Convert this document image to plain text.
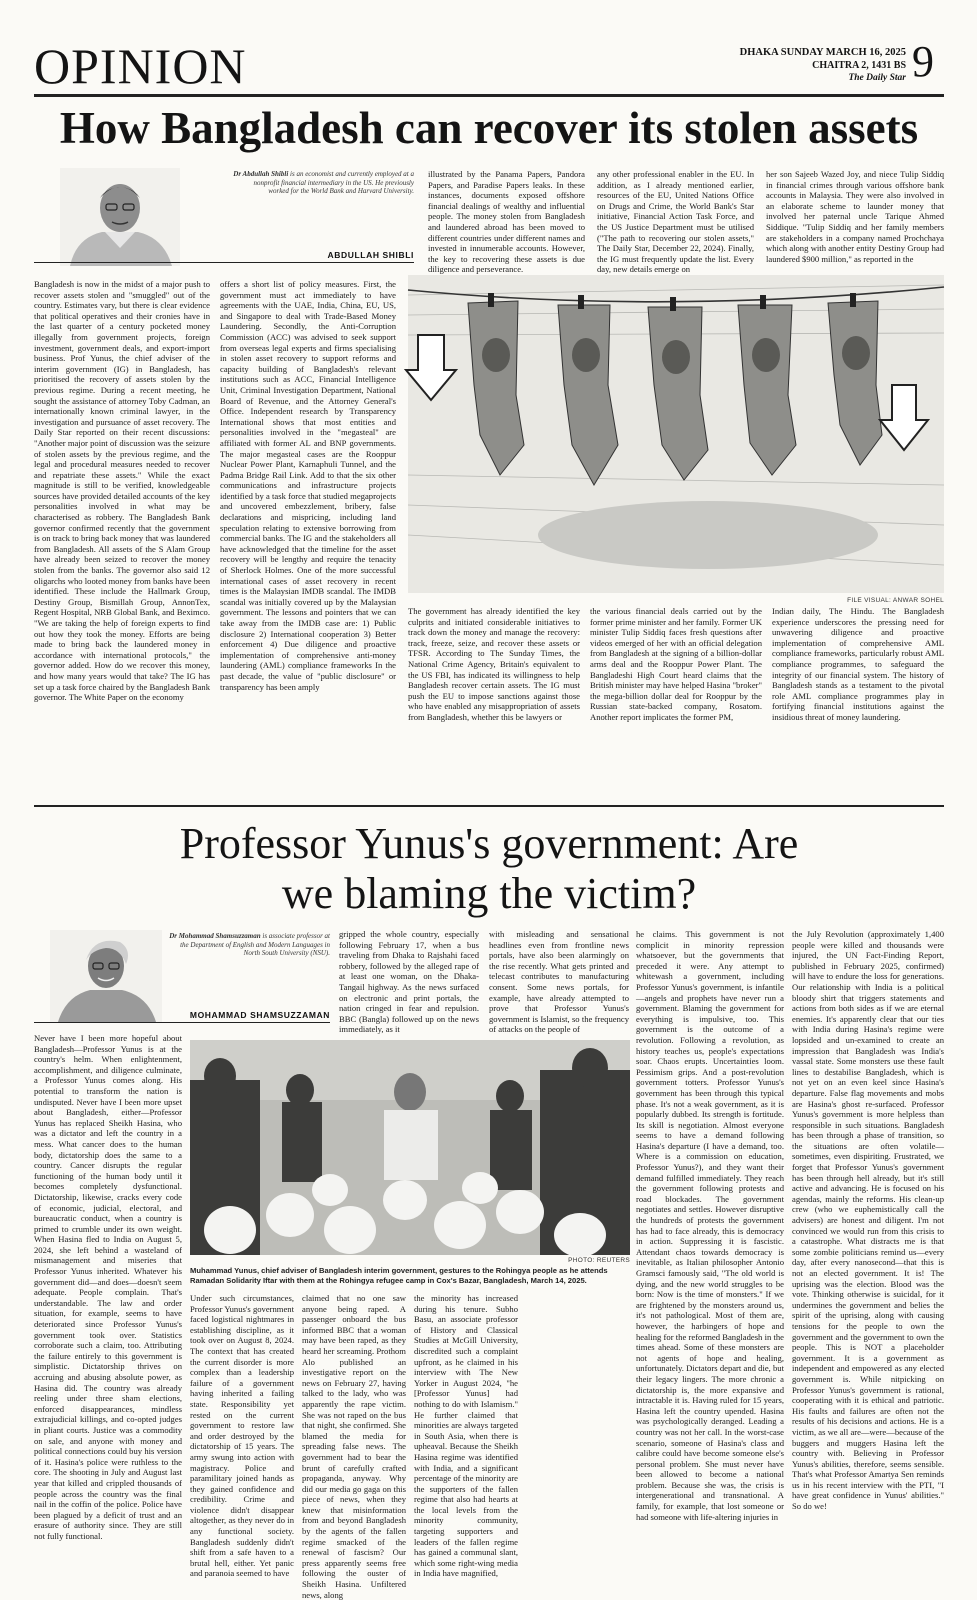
OPINION	DHAKA SUNDAY MARCH 16, 2025
CHAITRA 2, 1431 BS
The Daily Star 9
How Bangladesh can recover its stolen assets
Dr Abdullah Shibli is an economist and currently employed at a nonprofit financial intermediary in the US. He previously worked for the World Bank and Harvard University.
ABDULLAH SHIBLI

illustrated by the Panama Papers, Pandora Papers, and Paradise Papers leaks. In these instances, documents exposed offshore financial dealings of wealthy and influential people. The money stolen from Bangladesh and laundered abroad has been moved to different countries under different names and invested in innumerable accounts. However, the key to recovering these assets is due diligence and perseverance.

any other professional enabler in the EU. In addition, as I already mentioned earlier, resources of the EU, United Nations Office on Drugs and Crime, the World Bank's Star initiative, Financial Action Task Force, and the US Justice Department must be utilised ("The path to recovering our stolen assets," The Daily Star, December 22, 2024). Finally, the IG must frequently update the list. Every day, new details emerge on

her son Sajeeb Wazed Joy, and niece Tulip Siddiq in financial crimes through various offshore bank accounts in Malaysia. They were also involved in an elaborate scheme to launder money that involved her paternal uncle Tarique Ahmed Siddique. "Tulip Siddiq and her family members are stakeholders in a company named Prochchaya which along with another entity Destiny Group had laundered $900 million," as reported in the

Bangladesh is now in the midst of a major push to recover assets stolen and "smuggled" out of the country. Estimates vary, but there is clear evidence that political operatives and their cronies have in the last quarter of a century pocketed money illegally from government projects, foreign investment, government deals, and export-import business. Prof Yunus, the chief adviser of the interim government (IG) in Bangladesh, has prioritised the recovery of assets stolen by the previous regime. During a recent meeting, he sought the assistance of attorney Toby Cadman, an internationally known criminal lawyer, in the investigation and pursuance of asset recovery. The Daily Star reported on their recent discussions: "Another major point of discussion was the seizure of stolen assets by the previous regime, and the legal and procedural measures needed to recover and repatriate these assets." While the exact magnitude is still to be verified, knowledgeable sources have provided detailed accounts of the key personalities involved in what may be characterised as robbery. The Bangladesh Bank governor confirmed recently that the government is on track to bring back money that was laundered from Bangladesh. All assets of the S Alam Group have already been seized to recover the money stolen from the banks. The governor also said 12 oligarchs who looted money from banks have been identified. These include the Hallmark Group, Destiny Group, Bismillah Group, AnnonTex, Regent Hospital, NRB Global Bank, and Beximco. "We are taking the help of foreign experts to find out how they took the money. Efforts are being made to bring back the laundered money in accordance with international protocols," the governor added. How do we recover this money, and how many years would that take? The IG has set up a task force chaired by the Bangladesh Bank governor. The White Paper on the economy

offers a short list of policy measures. First, the government must act immediately to have agreements with the UAE, India, China, EU, US, and Singapore to deal with Trade-Based Money Laundering. Secondly, the Anti-Corruption Commission (ACC) was advised to seek support from overseas legal experts and firms specialising in stolen asset recovery to support reforms and capacity building of Bangladesh's relevant institutions such as ACC, Financial Intelligence Unit, Criminal Investigation Department, National Board of Revenue, and the Attorney General's Office. Independent research by Transparency International shows that most entities and personalities involved in the "megasteal" are affiliated with former AL and BNP governments. The major megasteal cases are the Rooppur Nuclear Power Plant, Karnaphuli Tunnel, and the Padma Bridge Rail Link. Add to that the six other communications and infrastructure projects identified by a task force that studied megaprojects and uncovered embezzlement, bribery, false declarations and mispricing, including land speculation relating to extensive borrowing from commercial banks. The IG and the stakeholders all have acknowledged that the timeline for the asset recovery will be lengthy and require the tenacity of Sherlock Holmes. One of the more successful international cases of asset recovery in recent times is the Malaysian IMDB scandal. The IMDB scandal was initially covered up by the Malaysian government. The lessons and pointers that we can take away from the IMDB case are: 1) Public disclosure 2) International cooperation 3) Better enforcement 4) Due diligence and proactive implementation of comprehensive anti-money laundering (AML) compliance frameworks In the past decade, the value of "public disclosure" or transparency has been amply

FILE VISUAL: ANWAR SOHEL

The government has already identified the key culprits and initiated considerable initiatives to track down the money and manage the recovery: track, freeze, seize, and recover these assets or TFSR. According to The Sunday Times, the National Crime Agency, Britain's equivalent to the US FBI, has indicated its willingness to help Bangladesh recover certain assets. The IG must push the EU to impose sanctions against those who have enabled any misappropriation of assets from Bangladesh, whether this be lawyers or

the various financial deals carried out by the former prime minister and her family. Former UK minister Tulip Siddiq faces fresh questions after videos emerged of her with an official delegation from Bangladesh at the signing of a billion-dollar arms deal and the Rooppur Power Plant. The Bangladeshi High Court heard claims that the British minister may have helped Hasina "broker" the mega-billion dollar deal for Rooppur by the Russian state-backed company, Rosatom. Another report implicates the former PM,

Indian daily, The Hindu. The Bangladesh experience underscores the pressing need for unwavering diligence and proactive implementation of comprehensive AML compliance frameworks, particularly robust AML compliance programmes, to safeguard the integrity of our financial system. The history of Bangladesh stands as a testament to the pivotal role AML compliance programmes play in fortifying financial institutions against the insidious threat of money laundering.

Professor Yunus's government: Are
we blaming the victim?
Dr Mohammad Shamsuzzaman is associate professor at the Department of English and Modern Languages in North South University (NSU).
MOHAMMAD SHAMSUZZAMAN

gripped the whole country, especially following February 17, when a bus traveling from Dhaka to Rajshahi faced robbery, followed by the alleged rape of at least one woman, on the Dhaka-Tangail highway. As the news surfaced on electronic and print portals, the nation cringed in fear and repulsion. BBC (Bangla) followed up on the news immediately, as it

with misleading and sensational headlines even from frontline news portals, have also been alarmingly on the rise recently. What gets printed and telecast contributes to manufacturing consent. Some news portals, for example, have already attempted to prove that Professor Yunus's government is Islamist, so the frequency of attacks on the people of

Never have I been more hopeful about Bangladesh—Professor Yunus is at the country's helm. When enlightenment, accomplishment, and diligence culminate, a Professor Yunus comes along. His potential to transform the nation is undisputed. Never have I been more upset about Bangladesh, either—Professor Yunus has replaced Sheikh Hasina, who was a dictator and left the country in a mess. What cancer does to the human body, dictatorship does the same to a country. Cancer disrupts the regular functioning of the human body until it becomes completely dysfunctional. Dictatorship, likewise, cracks every code of economic, judicial, electoral, and bureaucratic conduct, when a country is primed to crumble under its own weight. When Hasina fled to India on August 5, 2024, she left behind a wasteland of mismanagement and miseries that Professor Yunus inherited. Whatever his government did—and does—doesn't seem adequate. People complain. That's understandable. The law and order situation, for example, seems to have deteriorated since Professor Yunus's government took over. Statistics corroborate such a claim, too. Attributing the failure entirely to this government is simplistic. Dictatorship thrives on accruing and abusing absolute power, as Hasina did. The country was already reeling under three sham elections, enforced disappearances, mindless extrajudicial killings, and co-opted judges in pliant courts. Justice was a commodity on sale, and anyone with money and political connections could buy his version of it. Hasina's police were ruthless to the core. The shooting in July and August last year that killed and crippled thousands of people across the country was the final nail in the coffin of the police. Police have been plagued by a deficit of trust and an erasure of authority since. They are still not fully functional.

PHOTO: REUTERS
Muhammad Yunus, chief adviser of Bangladesh interim government, gestures to the Rohingya people as he attends Ramadan Solidarity Iftar with them at the Rohingya refugee camp in Cox's Bazar, Bangladesh, March 14, 2025.

Under such circumstances, Professor Yunus's government faced logistical nightmares in establishing discipline, as it took over on August 8, 2024. The context that has created the current disorder is more complex than a leadership failure of a government having inherited a failing state. Responsibility yet rested on the current government to restore law and order destroyed by the dictatorship of 15 years. The army swung into action with magistracy. Police and paramilitary joined hands as they gained confidence and credibility. Crime and violence didn't disappear altogether, as they never do in any functional society. Bangladesh suddenly didn't shift from a safe haven to a brutal hell, either. Yet panic and paranoia seemed to have

claimed that no one saw anyone being raped. A passenger onboard the bus informed BBC that a woman may have been raped, as they heard her screaming. Prothom Alo published an investigative report on the news on February 27, having talked to the lady, who was apparently the rape victim. She was not raped on the bus that night, she confirmed. She blamed the media for spreading false news. The government had to bear the brunt of carefully crafted propaganda, anyway. Why did our media go gaga on this piece of news, when they knew that misinformation from and beyond Bangladesh by the agents of the fallen regime smacked of the renewal of fascism? Our press apparently seems free following the ouster of Sheikh Hasina. Unfiltered news, along

the minority has increased during his tenure. Subho Basu, an associate professor of History and Classical Studies at McGill University, discredited such a complaint upfront, as he claimed in his interview with The New Yorker in August 2024, "he [Professor Yunus] had nothing to do with Islamism." He further claimed that minorities are always targeted in South Asia, when there is upheaval. Because the Sheikh Hasina regime was identified with India, and a significant percentage of the minority are the supporters of the fallen regime that also had hearts at the local levels from the minority community, targeting supporters and leaders of the fallen regime has gained a communal slant, which some right-wing media in India have magnified,

he claims. This government is not complicit in minority repression whatsoever, but the governments that preceded it were. Any attempt to whitewash a government, including Professor Yunus's government, is infantile—angels and prophets have never run a government. Blaming the government for everything is impulsive, too. This government is the outcome of a revolution. Following a revolution, as history teaches us, people's expectations soar. Chaos erupts. Uncertainties loom. Pessimism grips. And a post-revolution government totters. Professor Yunus's government has been through this typical phase. It's not a weak government, as it is popularly dubbed. Its strength is fortitude. Its skill is negotiation. Almost everyone seems to have a demand following Hasina's departure (I have a demand, too. Where is a commission on education, Professor Yunus?), and they want their demand fulfilled immediately. They reach the government following protests and road blockades. The government negotiates and settles. However disruptive the hundreds of protests the government has had to face already, this is democracy in action. Suppressing it is fascistic. Attendant chaos towards democracy is inevitable, as Italian philosopher Antonio Gramsci famously said, "The old world is dying, and the new world struggles to be born: Now is the time of monsters." If we are frightened by the monsters around us, it's not pathological. Most of them are, however, the harbingers of hope and healing for the reformed Bangladesh in the times ahead. Some of these monsters are not agents of hope and healing, unfortunately. Dictators depart and die, but their legacy lingers. The more chronic a dictatorship is, the more expansive and intractable it is. Having ruled for 15 years, Hasina left the country upended. Hasina was psychologically deranged. Leading a country was not her call. In the worst-case scenario, someone of Hasina's class and calibre could have become someone else's personal problem. She must never have been allowed to become a national problem. Because she was, the crisis is intergenerational and transnational. A family, for example, that lost someone or had someone with life-altering injuries in

the July Revolution (approximately 1,400 people were killed and thousands were injured, the UN Fact-Finding Report, published in February 2025, confirmed) will have to endure the loss for generations. Our relationship with India is a political bloody shirt that triggers statements and actions from both sides as if we are eternal enemies. It's apparently clear that our ties with India during Hasina's regime were lopsided and un-examined to create an impression that Bangladesh was India's vassal state. Some monsters use these fault lines to destabilise Bangladesh, which is not yet on an even keel since Hasina's departure. False flag movements and mobs are Hasina's ghost re-surfaced. Professor Yunus's government is more helpless than responsible in such situations. Bangladesh has been through a phase of transition, so the situations are often volatile—sometimes, even dispiriting. Frustrated, we forget that Professor Yunus's government has been through hell already, but it's still active and advancing. He is focused on his agendas, mainly the reforms. His clean-up crew (who we euphemistically call the advisers) are honest and diligent. I'm not convinced we would run from this crisis to a catastrophe. What distracts me is that some zombie politicians remind us—every day, after every nanosecond—that this is not an elected government. It is! The uprising was the election. Blood was the vote. Thinking otherwise is suicidal, for it undermines the government and belies the spirit of the uprising, along with causing tensions for the people to own the government and the government to own the people. This is NOT a placeholder government. It is a government as independent and empowered as any elected government is. While nitpicking on Professor Yunus's government is rational, cooperating with it is ethical and patriotic. His faults and failures are often not the results of his decisions and actions. He is a victim, as we all are—were—because of the buggers and muggers Hasina left the country with. Believing in Professor Yunus's abilities, therefore, seems sensible. That's what Professor Amartya Sen reminds us in his recent interview with the PTI, "I have great confidence in Yunus' abilities." So do we!
